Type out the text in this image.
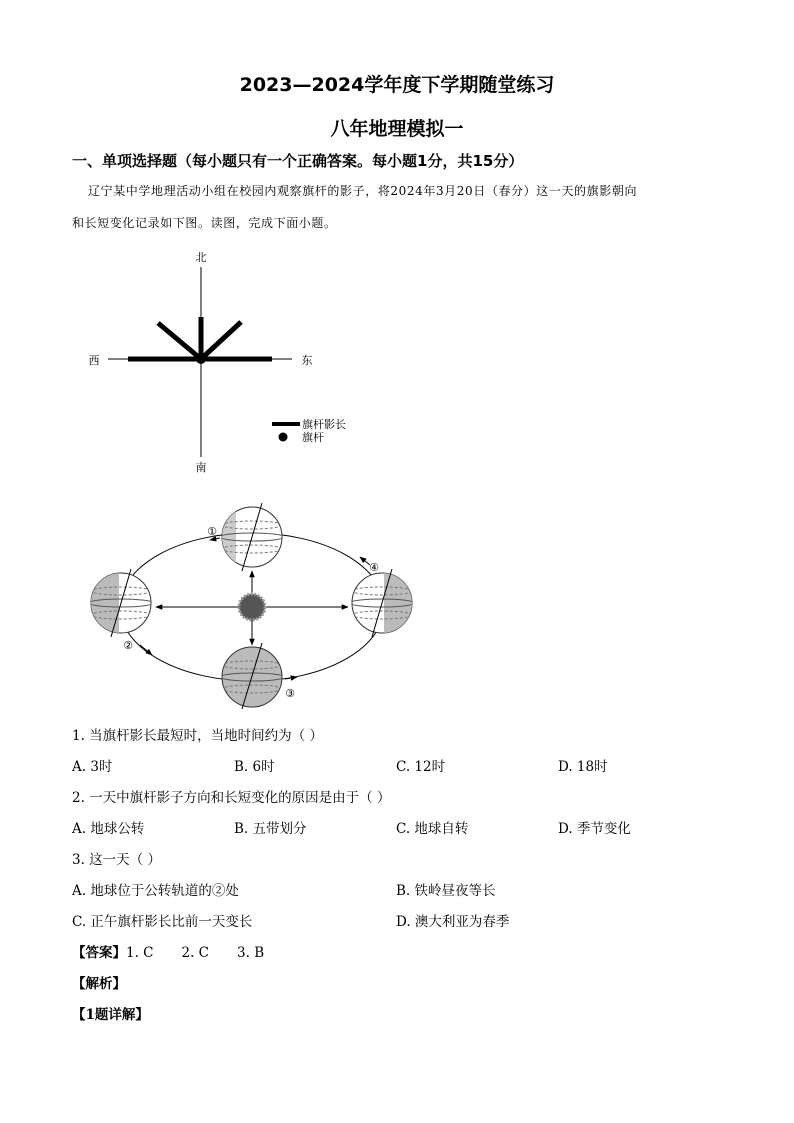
2023—2024学年度下学期随堂练习
八年地理模拟一
一、单项选择题（每小题只有一个正确答案。每小题1分，共15分）
辽宁某中学地理活动小组在校园内观察旗杆的影子，将2024年3月20日（春分）这一天的旗影朝向
和长短变化记录如下图。读图，完成下面小题。
北
南
西	东
旗杆影长
旗杆
①
②
③
④
1. 当旗杆影长最短时，当地时间约为（ ）
A. 3时	B. 6时	C. 12时	D. 18时
2. 一天中旗杆影子方向和长短变化的原因是由于（ ）
A. 地球公转	B. 五带划分	C. 地球自转	D. 季节变化
3. 这一天（ ）
A. 地球位于公转轨道的②处	B. 铁岭昼夜等长
C. 正午旗杆影长比前一天变长	D. 澳大利亚为春季
【答案】1. C 2. C 3. B
【解析】
【1题详解】
